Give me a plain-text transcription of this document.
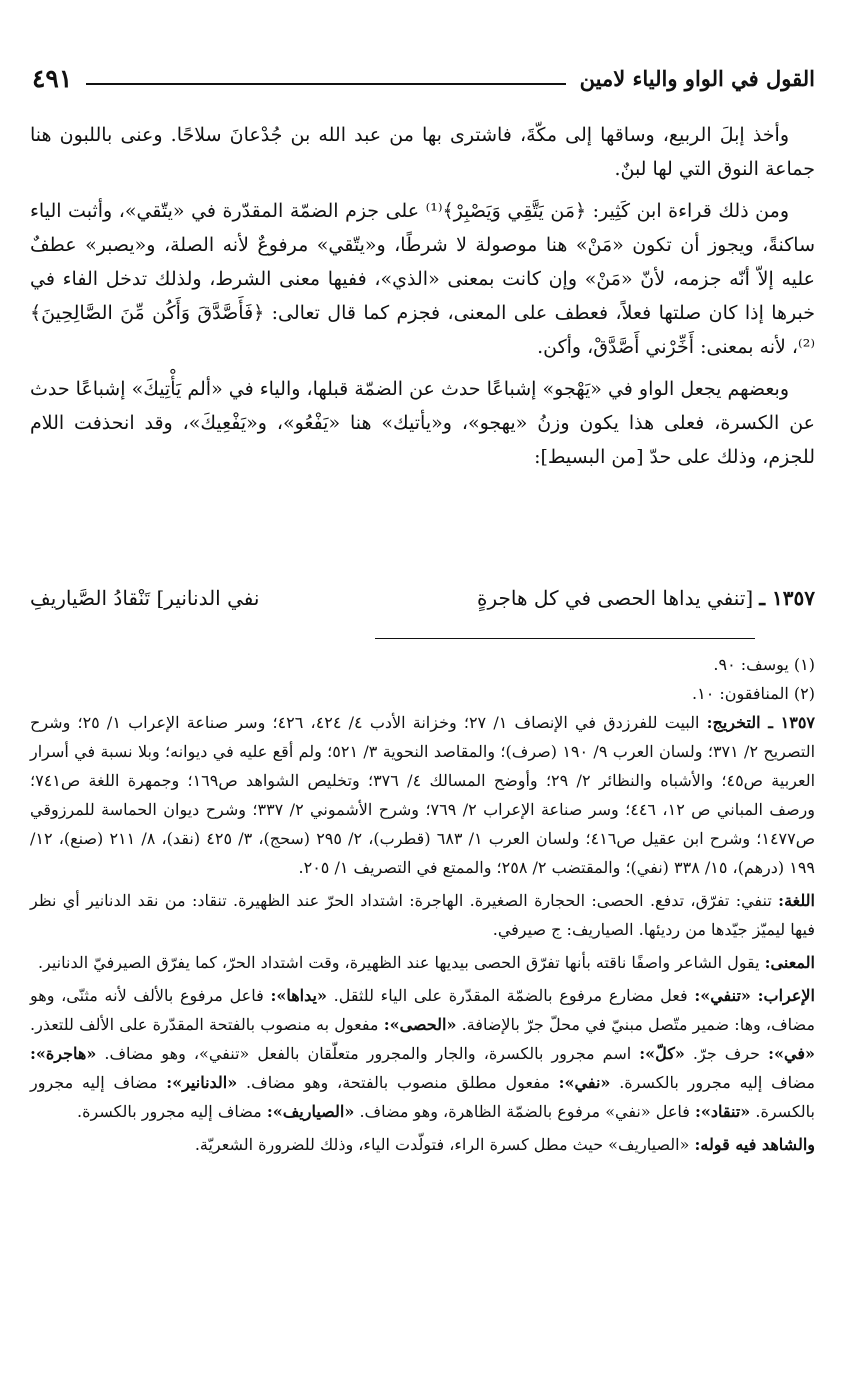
القول في الواو والياء لامين
٤٩١

وأخذ إبلَ الربيع، وساقها إلى مكّةَ، فاشترى بها من عبد الله بن جُدْعانَ سلاحًا. وعنى باللبون هنا جماعة النوق التي لها لبنٌ.

ومن ذلك قراءة ابن كَثِير: ﴿مَن يَتَّقِي وَيَصْبِرْ﴾⁽¹⁾ على جزم الضمّة المقدّرة في «يتّقي»، وأثبت الياء ساكنةً، ويجوز أن تكون «مَنْ» هنا موصولة لا شرطًا، و«يتّقي» مرفوعٌ لأنه الصلة، و«يصبر» عطفٌ عليه إلاّ أنّه جزمه، لأنّ «مَنْ» وإن كانت بمعنى «الذي»، ففيها معنى الشرط، ولذلك تدخل الفاء في خبرها إذا كان صلتها فعلاً، فعطف على المعنى، فجزم كما قال تعالى: ﴿فَأَصَّدَّقَ وَأَكُن مِّنَ الصَّالِحِينَ﴾⁽²⁾، لأنه بمعنى: أَخِّرْني أَصَّدَّقْ، وأكن.

وبعضهم يجعل الواو في «يَهْجو» إشباعًا حدث عن الضمّة قبلها، والياء في «ألم يَأْتِيكَ» إشباعًا حدث عن الكسرة، فعلى هذا يكون وزنُ «يهجو»، و«يأتيك» هنا «يَفْعُو»، و«يَفْعِيكَ»، وقد انحذفت اللام للجزم، وذلك على حدّ [من البسيط]:

١٣٥٧ ـ
[تنفي يداها الحصى في كل هاجرةٍ
نفي الدنانير] تَنْقادُ الصَّياريفِ

(١) يوسف: ٩٠.

(٢) المنافقون: ١٠.

١٣٥٧ ـ التخريج: البيت للفرزدق في الإنصاف ١/ ٢٧؛ وخزانة الأدب ٤/ ٤٢٤، ٤٢٦؛ وسر صناعة الإعراب ١/ ٢٥؛ وشرح التصريح ٢/ ٣٧١؛ ولسان العرب ٩/ ١٩٠ (صرف)؛ والمقاصد النحوية ٣/ ٥٢١؛ ولم أقع عليه في ديوانه؛ وبلا نسبة في أسرار العربية ص٤٥؛ والأشباه والنظائر ٢/ ٢٩؛ وأوضح المسالك ٤/ ٣٧٦؛ وتخليص الشواهد ص١٦٩؛ وجمهرة اللغة ص٧٤١؛ ورصف المباني ص ١٢، ٤٤٦؛ وسر صناعة الإعراب ٢/ ٧٦٩؛ وشرح الأشموني ٢/ ٣٣٧؛ وشرح ديوان الحماسة للمرزوقي ص١٤٧٧؛ وشرح ابن عقيل ص٤١٦؛ ولسان العرب ١/ ٦٨٣ (قطرب)، ٢/ ٢٩٥ (سحج)، ٣/ ٤٢٥ (نقد)، ٨/ ٢١١ (صنع)، ١٢/ ١٩٩ (درهم)، ١٥/ ٣٣٨ (نفي)؛ والمقتضب ٢/ ٢٥٨؛ والممتع في التصريف ١/ ٢٠٥.

اللغة: تنفي: تفرّق، تدفع. الحصى: الحجارة الصغيرة. الهاجرة: اشتداد الحرّ عند الظهيرة. تنقاد: من نقد الدنانير أي نظر فيها ليميّز جيّدها من رديئها. الصياريف: ج صيرفي.

المعنى: يقول الشاعر واصفًا ناقته بأنها تفرّق الحصى بيديها عند الظهيرة، وقت اشتداد الحرّ، كما يفرّق الصيرفيّ الدنانير.

الإعراب: «تنفي»: فعل مضارع مرفوع بالضمّة المقدّرة على الياء للثقل. «يداها»: فاعل مرفوع بالألف لأنه مثنّى، وهو مضاف، وها: ضمير متّصل مبنيّ في محلّ جرّ بالإضافة. «الحصى»: مفعول به منصوب بالفتحة المقدّرة على الألف للتعذر. «في»: حرف جرّ. «كلّ»: اسم مجرور بالكسرة، والجار والمجرور متعلّقان بالفعل «تنفي»، وهو مضاف. «هاجرة»: مضاف إليه مجرور بالكسرة. «نفي»: مفعول مطلق منصوب بالفتحة، وهو مضاف. «الدنانير»: مضاف إليه مجرور بالكسرة. «تنقاد»: فاعل «نفي» مرفوع بالضمّة الظاهرة، وهو مضاف. «الصياريف»: مضاف إليه مجرور بالكسرة.

والشاهد فيه قوله: «الصياريف» حيث مطل كسرة الراء، فتولّدت الياء، وذلك للضرورة الشعريّة.
